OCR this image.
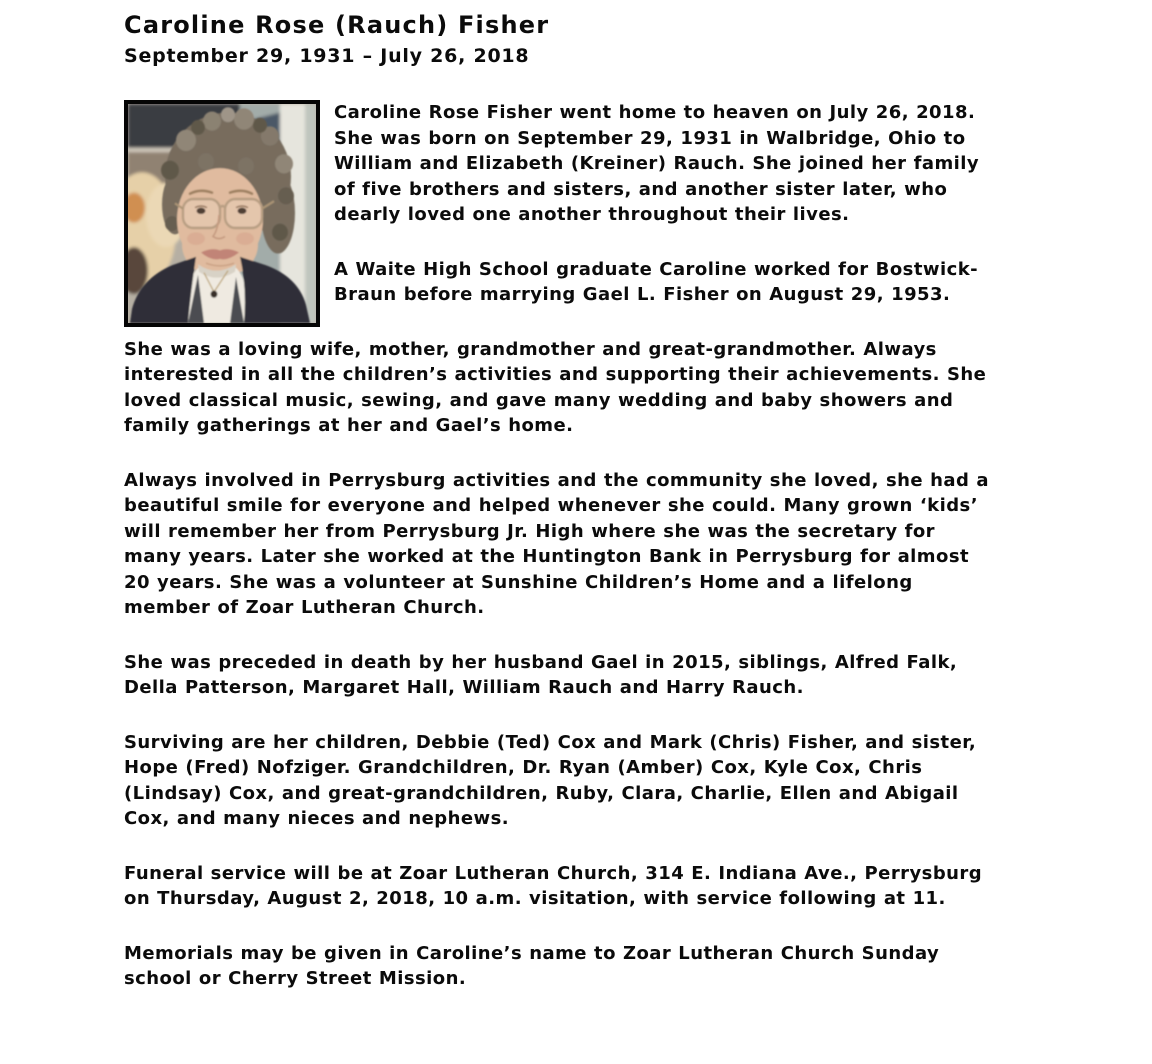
Caroline Rose (Rauch) Fisher
September 29, 1931 – July 26, 2018

Caroline Rose Fisher went home to heaven on July 26, 2018. She was born on September 29, 1931 in Walbridge, Ohio to William and Elizabeth (Kreiner) Rauch. She joined her family of five brothers and sisters, and another sister later, who dearly loved one another throughout their lives.

A Waite High School graduate Caroline worked for Bostwick-Braun before marrying Gael L. Fisher on August 29, 1953.

She was a loving wife, mother, grandmother and great-grandmother. Always interested in all the children’s activities and supporting their achievements. She loved classical music, sewing, and gave many wedding and baby showers and family gatherings at her and Gael’s home.

Always involved in Perrysburg activities and the community she loved, she had a beautiful smile for everyone and helped whenever she could. Many grown ‘kids’ will remember her from Perrysburg Jr. High where she was the secretary for many years. Later she worked at the Huntington Bank in Perrysburg for almost 20 years. She was a volunteer at Sunshine Children’s Home and a lifelong member of Zoar Lutheran Church.

She was preceded in death by her husband Gael in 2015, siblings, Alfred Falk, Della Patterson, Margaret Hall, William Rauch and Harry Rauch.

Surviving are her children, Debbie (Ted) Cox and Mark (Chris) Fisher, and sister, Hope (Fred) Nofziger. Grandchildren, Dr. Ryan (Amber) Cox, Kyle Cox, Chris (Lindsay) Cox, and great-grandchildren, Ruby, Clara, Charlie, Ellen and Abigail Cox, and many nieces and nephews.

Funeral service will be at Zoar Lutheran Church, 314 E. Indiana Ave., Perrysburg on Thursday, August 2, 2018, 10 a.m. visitation, with service following at 11.

Memorials may be given in Caroline’s name to Zoar Lutheran Church Sunday school or Cherry Street Mission.
